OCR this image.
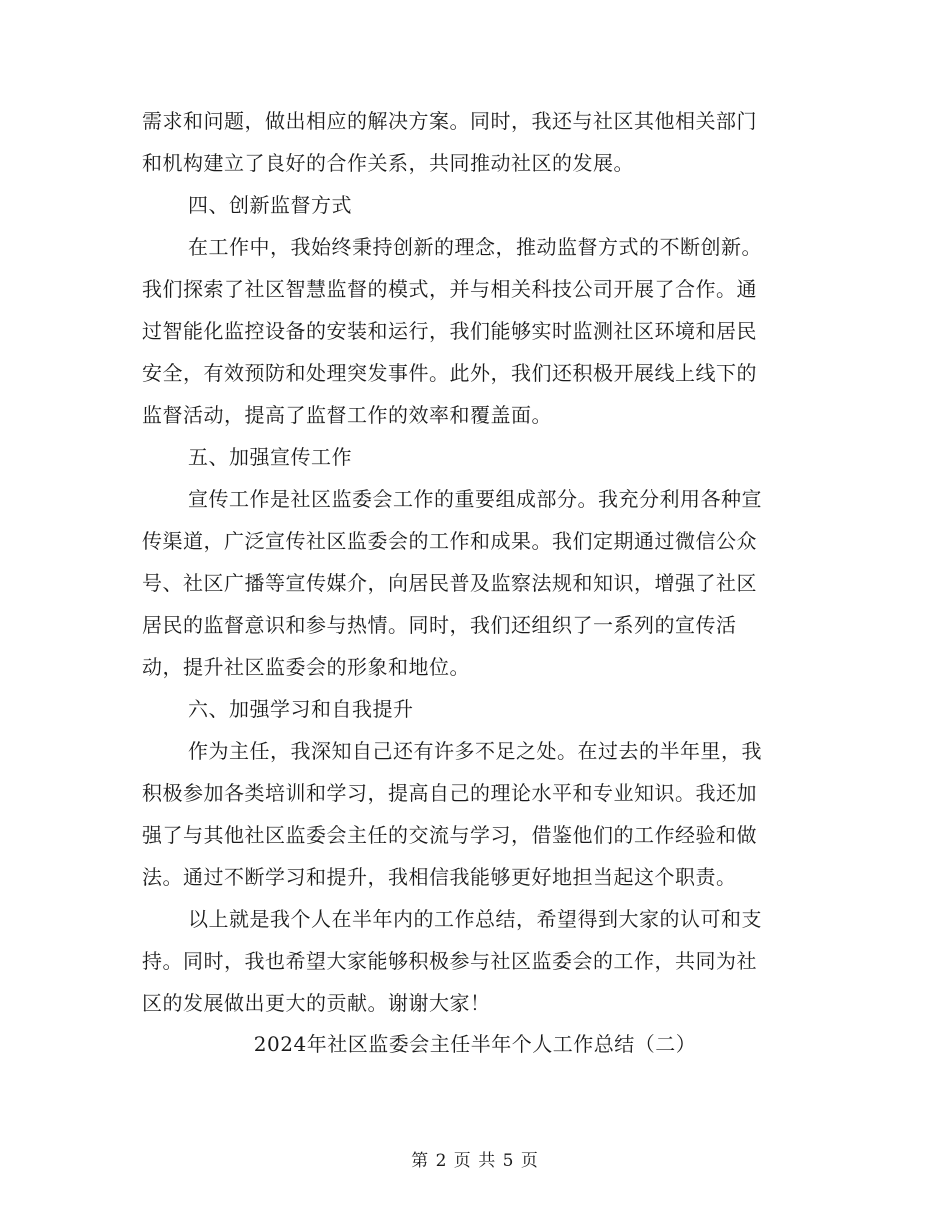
需求和问题，做出相应的解决方案。同时，我还与社区其他相关部门
和机构建立了良好的合作关系，共同推动社区的发展。
四、创新监督方式
在工作中，我始终秉持创新的理念，推动监督方式的不断创新。
我们探索了社区智慧监督的模式，并与相关科技公司开展了合作。通
过智能化监控设备的安装和运行，我们能够实时监测社区环境和居民
安全，有效预防和处理突发事件。此外，我们还积极开展线上线下的
监督活动，提高了监督工作的效率和覆盖面。
五、加强宣传工作
宣传工作是社区监委会工作的重要组成部分。我充分利用各种宣
传渠道，广泛宣传社区监委会的工作和成果。我们定期通过微信公众
号、社区广播等宣传媒介，向居民普及监察法规和知识，增强了社区
居民的监督意识和参与热情。同时，我们还组织了一系列的宣传活
动，提升社区监委会的形象和地位。
六、加强学习和自我提升
作为主任，我深知自己还有许多不足之处。在过去的半年里，我
积极参加各类培训和学习，提高自己的理论水平和专业知识。我还加
强了与其他社区监委会主任的交流与学习，借鉴他们的工作经验和做
法。通过不断学习和提升，我相信我能够更好地担当起这个职责。
以上就是我个人在半年内的工作总结，希望得到大家的认可和支
持。同时，我也希望大家能够积极参与社区监委会的工作，共同为社
区的发展做出更大的贡献。谢谢大家！
2024年社区监委会主任半年个人工作总结（二）
第 2 页 共 5 页
